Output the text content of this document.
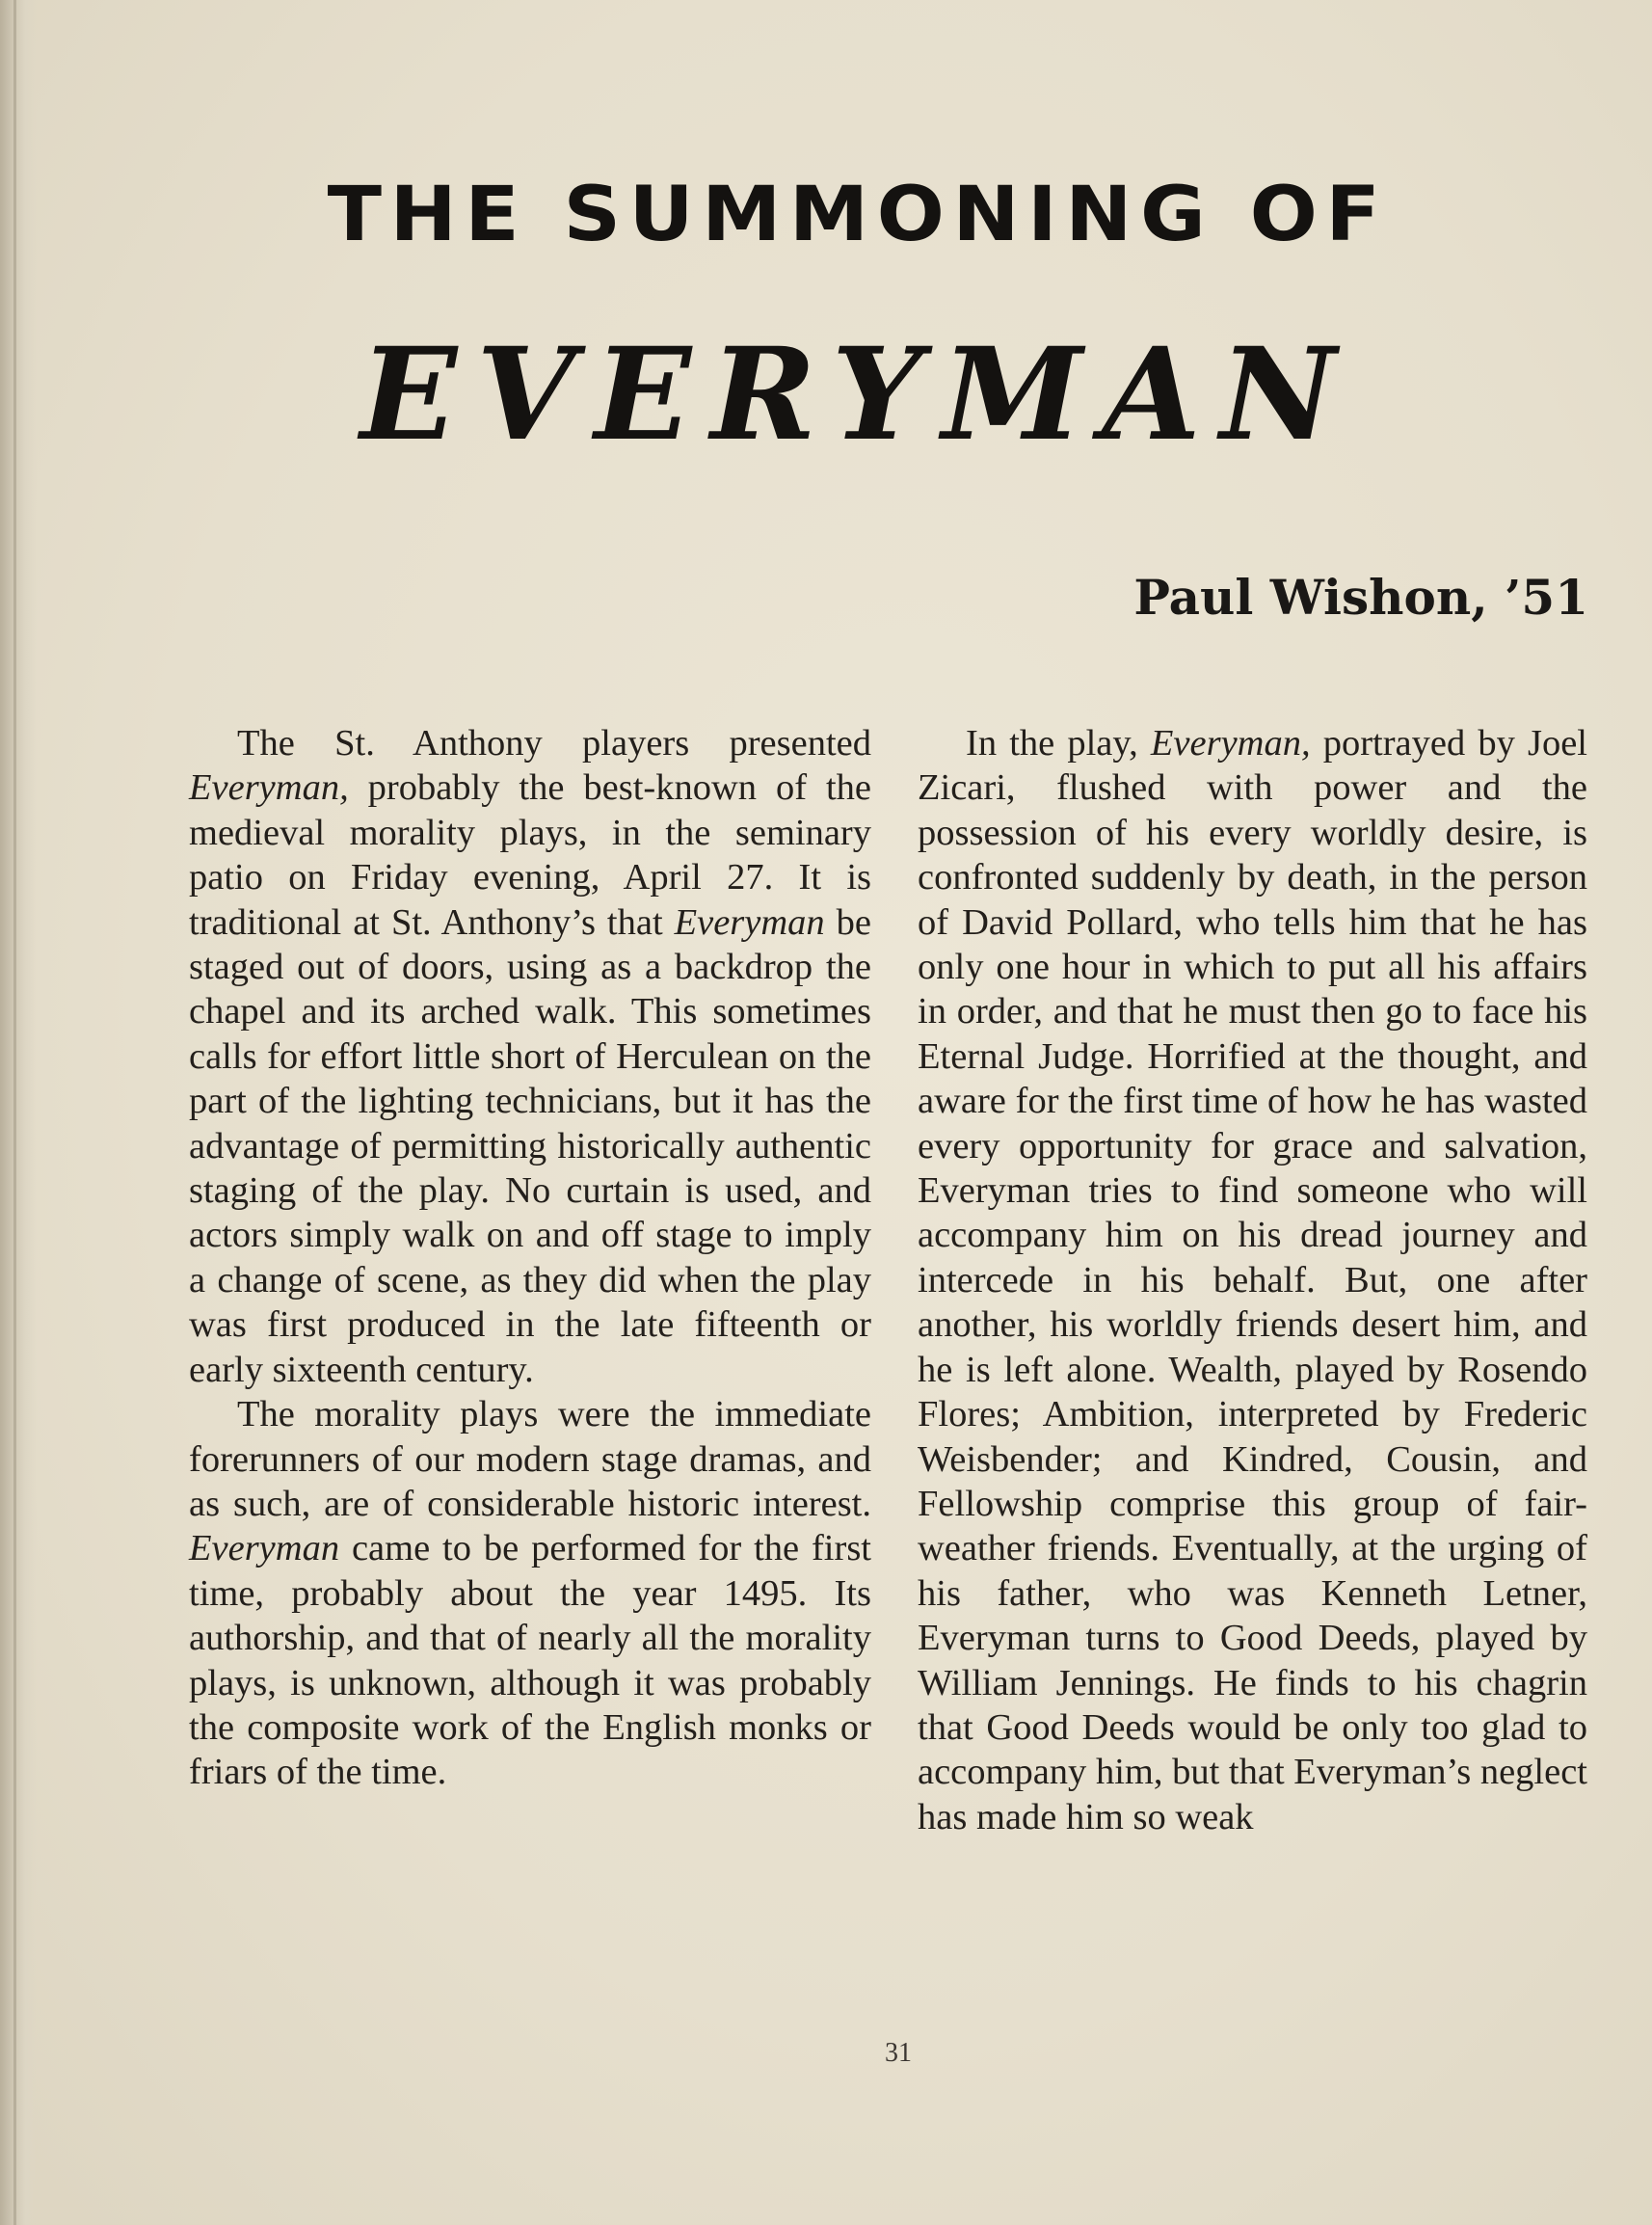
THE SUMMONING OF
EVERYMAN
Paul Wishon, ’51

The St. Anthony players presented Everyman, probably the best-known of the medieval morality plays, in the seminary patio on Friday evening, April 27. It is traditional at St. Anthony’s that Everyman be staged out of doors, using as a backdrop the chapel and its arched walk. This sometimes calls for effort little short of Herculean on the part of the lighting technicians, but it has the advantage of permitting historically authentic staging of the play. No curtain is used, and actors simply walk on and off stage to imply a change of scene, as they did when the play was first produced in the late fifteenth or early sixteenth century.

The morality plays were the immediate forerunners of our modern stage dramas, and as such, are of considerable historic interest. Everyman came to be performed for the first time, probably about the year 1495. Its authorship, and that of nearly all the morality plays, is unknown, although it was probably the composite work of the English monks or friars of the time.

In the play, Everyman, portrayed by Joel Zicari, flushed with power and the possession of his every worldly desire, is confronted suddenly by death, in the person of David Pollard, who tells him that he has only one hour in which to put all his affairs in order, and that he must then go to face his Eternal Judge. Horrified at the thought, and aware for the first time of how he has wasted every opportunity for grace and salvation, Everyman tries to find someone who will accompany him on his dread journey and intercede in his behalf. But, one after another, his worldly friends desert him, and he is left alone. Wealth, played by Rosendo Flores; Ambition, interpreted by Frederic Weisbender; and Kindred, Cousin, and Fellowship comprise this group of fair-weather friends. Eventually, at the urging of his father, who was Kenneth Letner, Everyman turns to Good Deeds, played by William Jennings. He finds to his chagrin that Good Deeds would be only too glad to accompany him, but that Everyman’s neglect has made him so weak

31
